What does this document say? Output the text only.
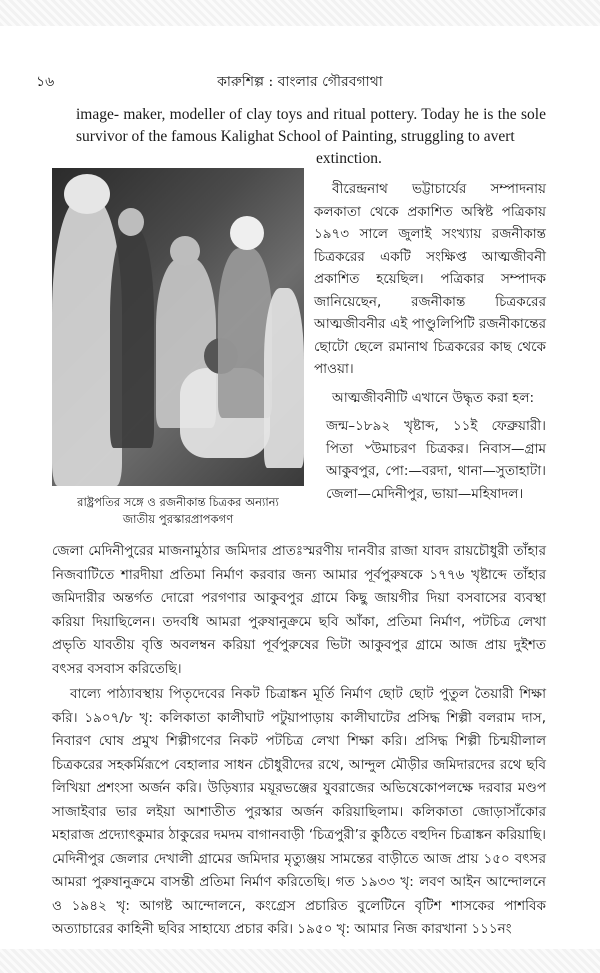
১৬	কারুশিল্প : বাংলার গৌরবগাথা
image- maker, modeller of clay toys and ritual pottery. Today he is the sole survivor of the famous Kalighat School of Painting, struggling to avert
extinction.
রাষ্ট্রপতির সঙ্গে ও রজনীকান্ত চিত্রকর অন্যান্য
জাতীয় পুরস্কারপ্রাপকগণ

বীরেন্দ্রনাথ ভট্টাচার্যের সম্পাদনায় কলকাতা থেকে প্রকাশিত অস্বিষ্ট পত্রিকায় ১৯৭৩ সালে জুলাই সংখ্যায় রজনীকান্ত চিত্রকরের একটি সংক্ষিপ্ত আত্মজীবনী প্রকাশিত হয়েছিল। পত্রিকার সম্পাদক জানিয়েছেন, রজনীকান্ত চিত্রকরের আত্মজীবনীর এই পাণ্ডুলিপিটি রজনীকান্তের ছোটো ছেলে রমানাথ চিত্রকরের কাছ থেকে পাওয়া।

আত্মজীবনীটি এখানে উদ্ধৃত করা হল:

জন্ম–১৮৯২ খৃষ্টাব্দ, ১১ই ফেব্রুয়ারী। পিতা ৺উমাচরণ চিত্রকর। নিবাস—গ্রাম আকুবপুর, পো:—বরদা, থানা—সুতাহাটা। জেলা—মেদিনীপুর, ভায়া—মহিষাদল।

জেলা মেদিনীপুরের মাজনামুঠার জমিদার প্রাতঃস্মরণীয় দানবীর রাজা যাবদ রায়চৌধুরী তাঁহার নিজবাটিতে শারদীয়া প্রতিমা নির্মাণ করবার জন্য আমার পূর্বপুরুষকে ১৭৭৬ খৃষ্টাব্দে তাঁহার জমিদারীর অন্তর্গত দোরো পরগণার আকুবপুর গ্রামে কিছু জায়গীর দিয়া বসবাসের ব্যবস্থা করিয়া দিয়াছিলেন। তদবধি আমরা পুরুষানুক্রমে ছবি আঁকা, প্রতিমা নির্মাণ, পটচিত্র লেখা প্রভৃতি যাবতীয় বৃত্তি অবলম্বন করিয়া পূর্বপুরুষের ভিটা আকুবপুর গ্রামে আজ প্রায় দুইশত বৎসর বসবাস করিতেছি।

বাল্যে পাঠ্যাবস্থায় পিতৃদেবের নিকট চিত্রাঙ্কন মূর্তি নির্মাণ ছোট ছোট পুতুল তৈয়ারী শিক্ষা করি। ১৯০৭/৮ খৃ: কলিকাতা কালীঘাট পটুয়াপাড়ায় কালীঘাটের প্রসিদ্ধ শিল্পী বলরাম দাস, নিবারণ ঘোষ প্রমুখ শিল্পীগণের নিকট পটচিত্র লেখা শিক্ষা করি। প্রসিদ্ধ শিল্পী চিন্ময়ীলাল চিত্রকরের সহকর্মিরূপে বেহালার সাধন চৌধুরীদের রথে, আন্দুল মৌড়ীর জমিদারদের রথে ছবি লিখিয়া প্রশংসা অর্জন করি। উড়িষ্যার ময়ূরভঞ্জের যুবরাজের অভিষেকোপলক্ষে দরবার মণ্ডপ সাজাইবার ভার লইয়া আশাতীত পুরস্কার অর্জন করিয়াছিলাম। কলিকাতা জোড়াসাঁকোর মহারাজ প্রদ্যোৎকুমার ঠাকুরের দমদম বাগানবাড়ী ‘চিত্রপুরী’র কুঠিতে বহুদিন চিত্রাঙ্কন করিয়াছি। মেদিনীপুর জেলার দেখালী গ্রামের জমিদার মৃত্যুঞ্জয় সামন্তের বাড়ীতে আজ প্রায় ১৫০ বৎসর আমরা পুরুষানুক্রমে বাসন্তী প্রতিমা নির্মাণ করিতেছি। গত ১৯৩৩ খৃ: লবণ আইন আন্দোলনে ও ১৯৪২ খৃ: আগষ্ট আন্দোলনে, কংগ্রেস প্রচারিত বুলেটিনে বৃটিশ শাসকের পাশবিক অত্যাচারের কাহিনী ছবির সাহায্যে প্রচার করি। ১৯৫০ খৃ: আমার নিজ কারখানা ১১১নং
